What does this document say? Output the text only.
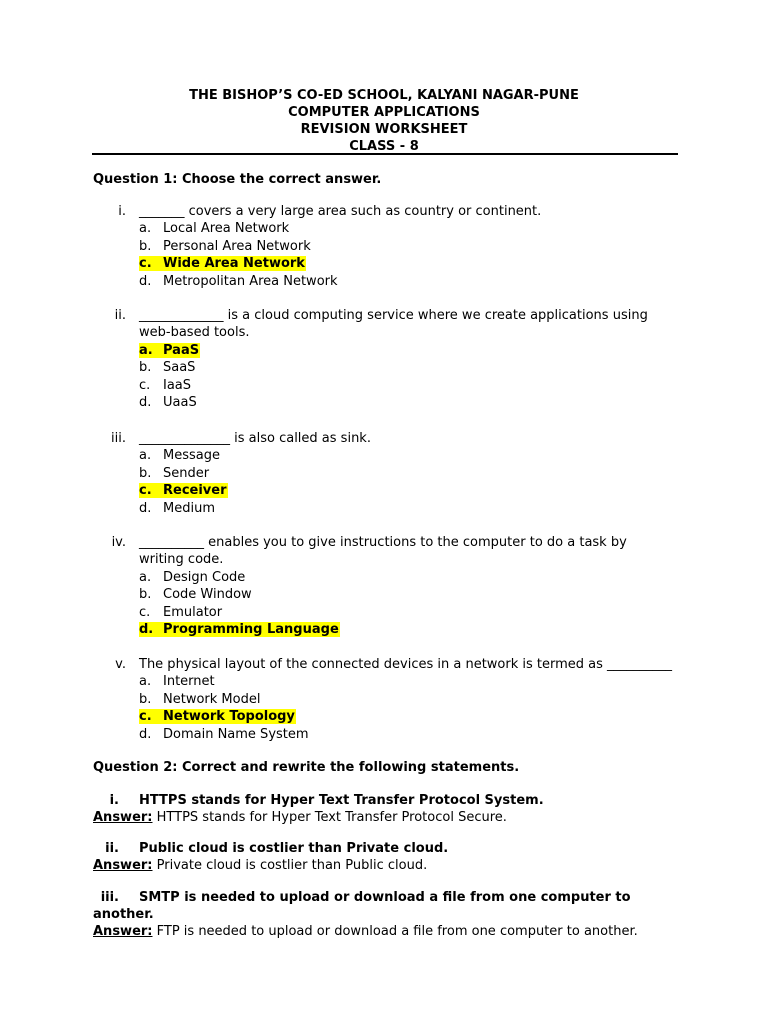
THE BISHOP’S CO-ED SCHOOL, KALYANI NAGAR-PUNE
COMPUTER APPLICATIONS
REVISION WORKSHEET
CLASS - 8
Question 1: Choose the correct answer.
i. _______ covers a very large area such as country or continent.
a. Local Area Network
b. Personal Area Network
c. Wide Area Network
d. Metropolitan Area Network
ii. _____________ is a cloud computing service where we create applications using web-based tools.
a. PaaS
b. SaaS
c. IaaS
d. UaaS
iii. ______________ is also called as sink.
a. Message
b. Sender
c. Receiver
d. Medium
iv. __________ enables you to give instructions to the computer to do a task by writing code.
a. Design Code
b. Code Window
c. Emulator
d. Programming Language
v. The physical layout of the connected devices in a network is termed as __________
a. Internet
b. Network Model
c. Network Topology
d. Domain Name System
Question 2: Correct and rewrite the following statements.
i. HTTPS stands for Hyper Text Transfer Protocol System.
Answer: HTTPS stands for Hyper Text Transfer Protocol Secure.
ii. Public cloud is costlier than Private cloud.
Answer: Private cloud is costlier than Public cloud.
iii. SMTP is needed to upload or download a file from one computer to another.
Answer: FTP is needed to upload or download a file from one computer to another.
